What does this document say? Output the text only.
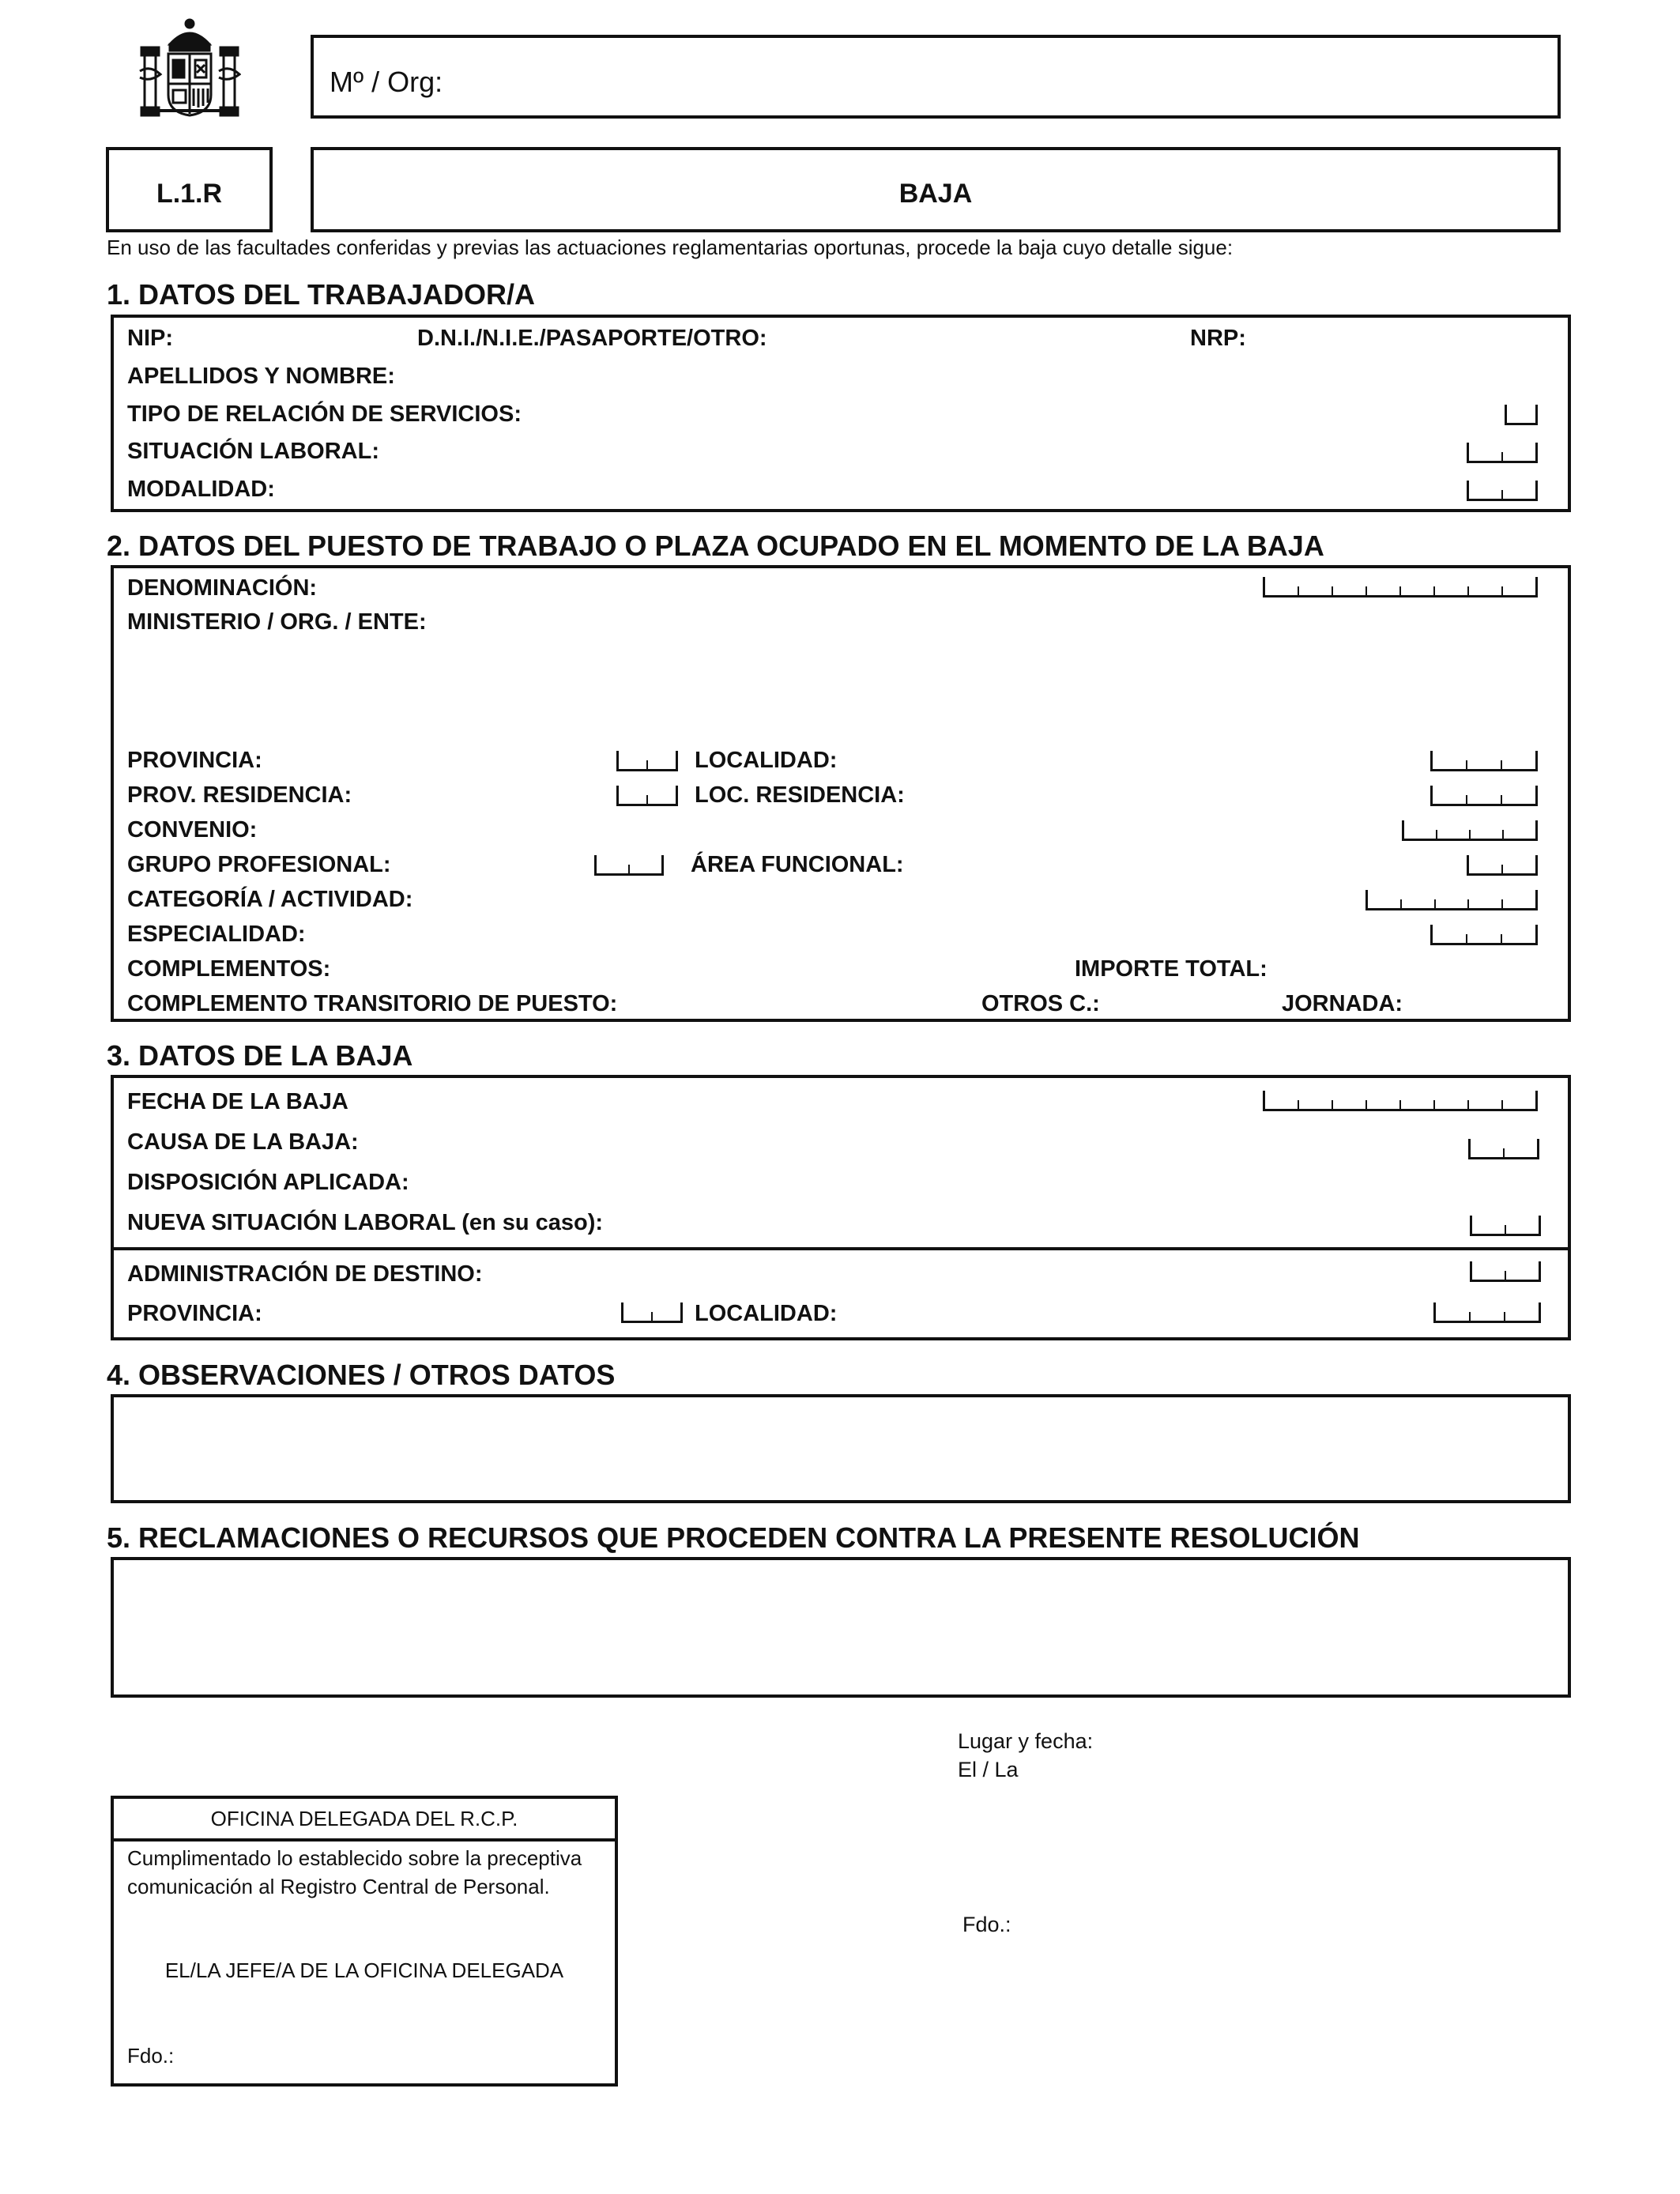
Mº / Org:
L.1.R	BAJA
En uso de las facultades conferidas y previas las actuaciones reglamentarias oportunas, procede la baja cuyo detalle sigue:
1. DATOS DEL TRABAJADOR/A
NIP:	D.N.I./N.I.E./PASAPORTE/OTRO:	NRP:
APELLIDOS Y NOMBRE:
TIPO DE RELACIÓN DE SERVICIOS:
SITUACIÓN LABORAL:
MODALIDAD:
2. DATOS DEL PUESTO DE TRABAJO O PLAZA OCUPADO EN EL MOMENTO DE LA BAJA
DENOMINACIÓN:
MINISTERIO / ORG. / ENTE:
PROVINCIA:	LOCALIDAD:
PROV. RESIDENCIA:	LOC. RESIDENCIA:
CONVENIO:
GRUPO PROFESIONAL:	ÁREA FUNCIONAL:
CATEGORÍA / ACTIVIDAD:
ESPECIALIDAD:
COMPLEMENTOS:	IMPORTE TOTAL:
COMPLEMENTO TRANSITORIO DE PUESTO:	OTROS C.:	JORNADA:
3. DATOS DE LA BAJA
FECHA DE LA BAJA
CAUSA DE LA BAJA:
DISPOSICIÓN APLICADA:
NUEVA SITUACIÓN LABORAL (en su caso):
ADMINISTRACIÓN DE DESTINO:
PROVINCIA:	LOCALIDAD:
4. OBSERVACIONES / OTROS DATOS
5. RECLAMACIONES O RECURSOS QUE PROCEDEN CONTRA LA PRESENTE RESOLUCIÓN
Lugar y fecha:
El / La
Fdo.:
OFICINA DELEGADA DEL R.C.P.
Cumplimentado lo establecido sobre la preceptiva
comunicación al Registro Central de Personal.
EL/LA JEFE/A DE LA OFICINA DELEGADA
Fdo.:
